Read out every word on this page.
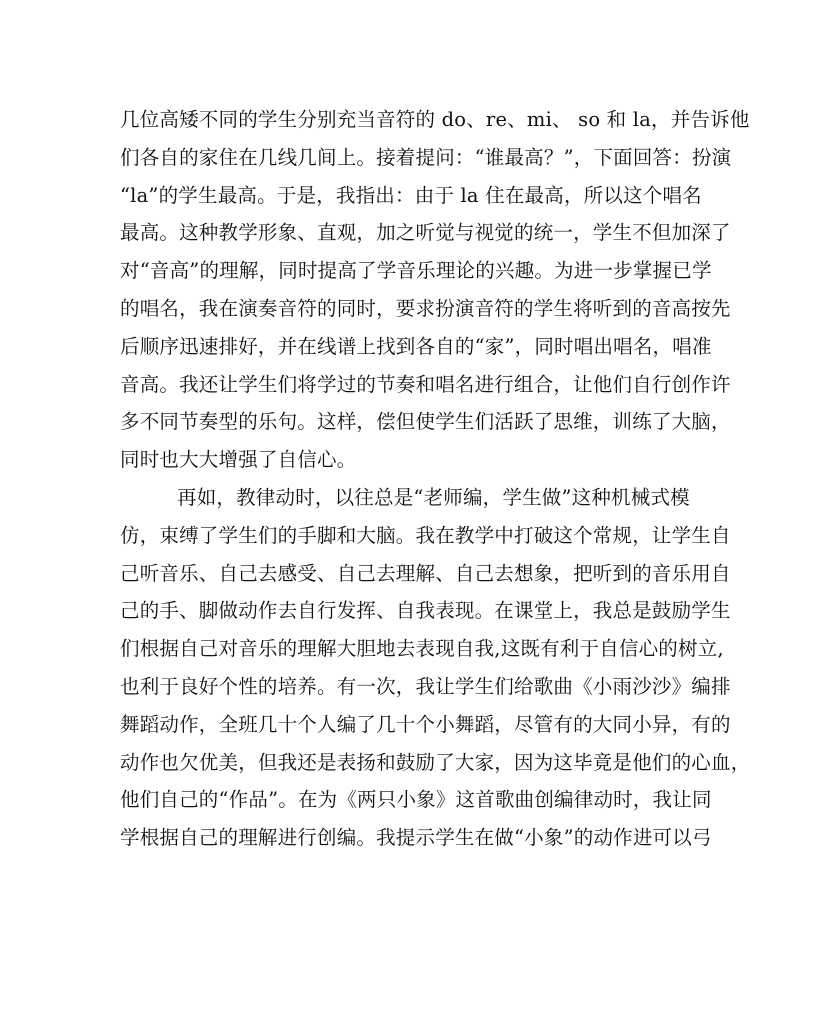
几位高矮不同的学生分别充当音符的 do、re、mi、 so 和 la，并告诉他
们各自的家住在几线几间上。接着提问：“谁最高？”，下面回答：扮演
“la”的学生最高。于是，我指出：由于 la 住在最高，所以这个唱名
最高。这种教学形象、直观，加之听觉与视觉的统一，学生不但加深了
对“音高”的理解，同时提高了学音乐理论的兴趣。为进一步掌握已学
的唱名，我在演奏音符的同时，要求扮演音符的学生将听到的音高按先
后顺序迅速排好，并在线谱上找到各自的“家”，同时唱出唱名，唱准
音高。我还让学生们将学过的节奏和唱名进行组合，让他们自行创作许
多不同节奏型的乐句。这样，偿但使学生们活跃了思维，训练了大脑，
同时也大大增强了自信心。
再如，教律动时，以往总是“老师编，学生做”这种机械式模
仿，束缚了学生们的手脚和大脑。我在教学中打破这个常规，让学生自
己听音乐、自己去感受、自己去理解、自己去想象，把听到的音乐用自
己的手、脚做动作去自行发挥、自我表现。在课堂上，我总是鼓励学生
们根据自己对音乐的理解大胆地去表现自我,这既有利于自信心的树立,
也利于良好个性的培养。有一次，我让学生们给歌曲《小雨沙沙》编排
舞蹈动作，全班几十个人编了几十个小舞蹈，尽管有的大同小异，有的
动作也欠优美，但我还是表扬和鼓励了大家，因为这毕竟是他们的心血，
他们自己的“作品”。在为《两只小象》这首歌曲创编律动时，我让同
学根据自己的理解进行创编。我提示学生在做“小象”的动作进可以弓
